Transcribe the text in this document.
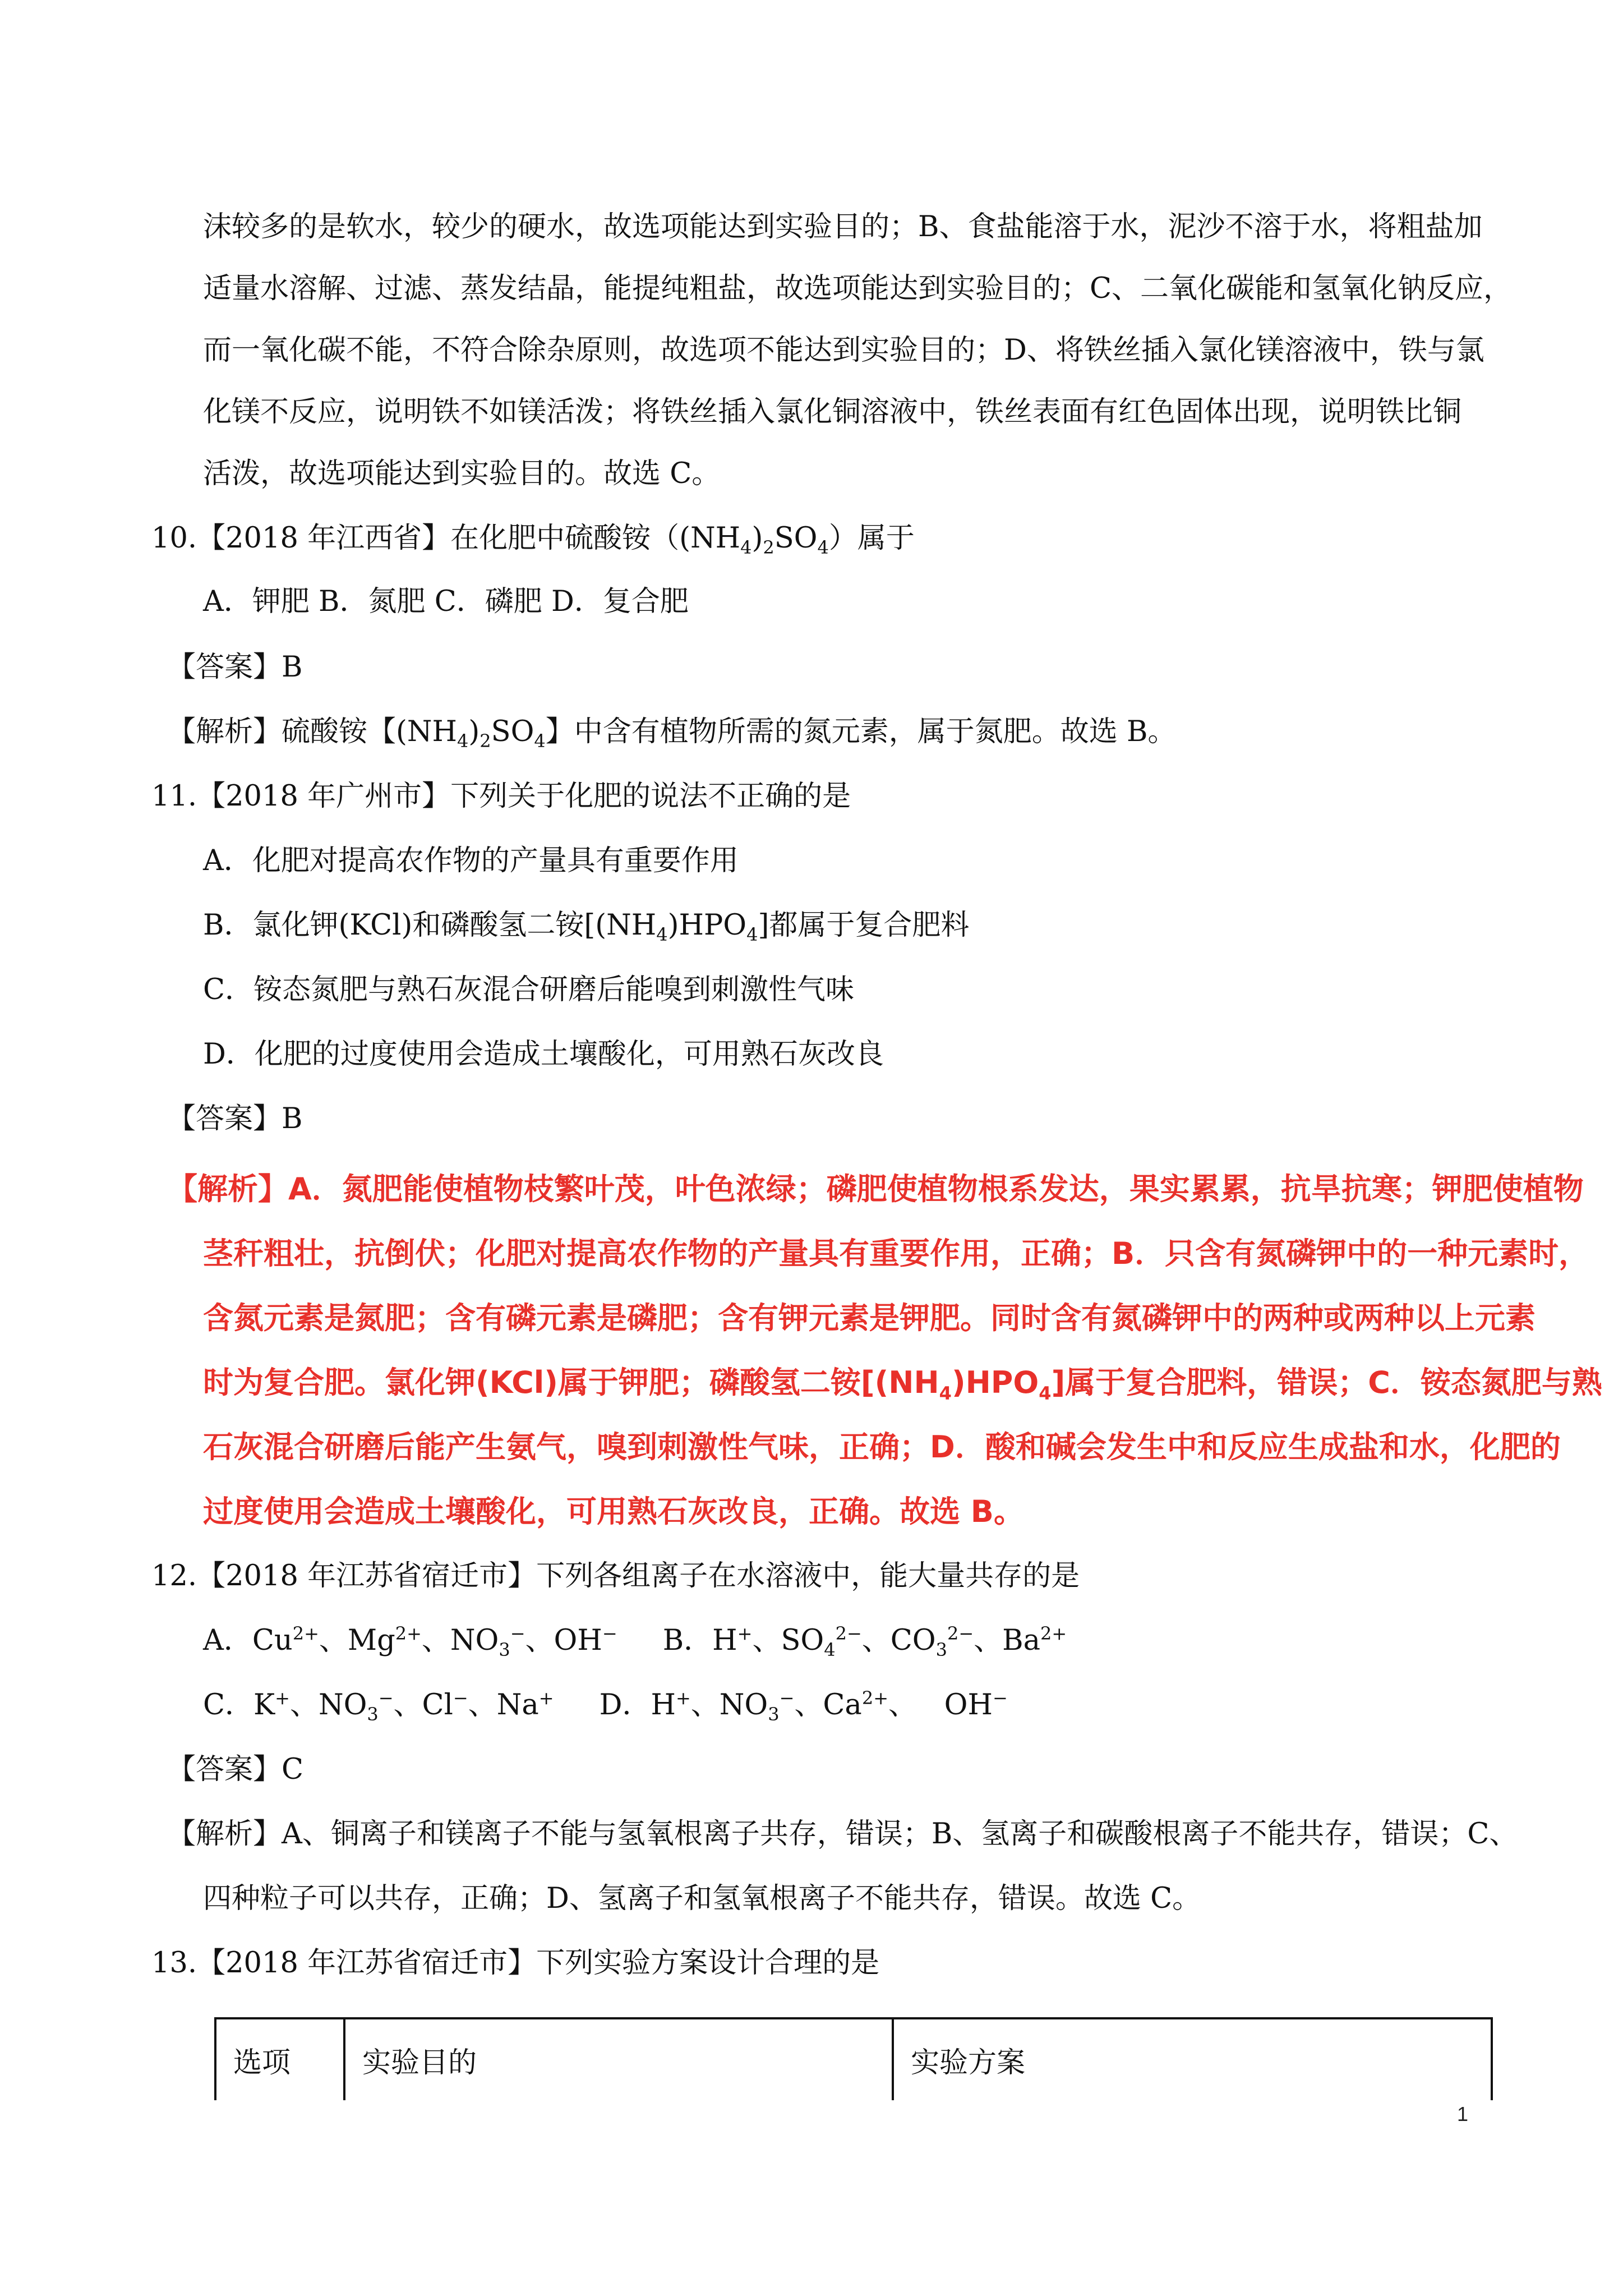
沫较多的是软水，较少的硬水，故选项能达到实验目的；B、食盐能溶于水，泥沙不溶于水，将粗盐加
适量水溶解、过滤、蒸发结晶，能提纯粗盐，故选项能达到实验目的；C、二氧化碳能和氢氧化钠反应，
而一氧化碳不能，不符合除杂原则，故选项不能达到实验目的；D、将铁丝插入氯化镁溶液中，铁与氯
化镁不反应，说明铁不如镁活泼；将铁丝插入氯化铜溶液中，铁丝表面有红色固体出现，说明铁比铜
活泼，故选项能达到实验目的。故选 C。
10.【2018 年江西省】在化肥中硫酸铵$((NH_4)_2SO_4)$属于
A．钾肥 B．氮肥 C．磷肥 D．复合肥
【答案】B
【解析】硫酸铵【$(NH_4)_2SO_4$】中含有植物所需的氮元素，属于氮肥。故选 B。
11.【2018 年广州市】下列关于化肥的说法不正确的是
A．化肥对提高农作物的产量具有重要作用
B．氯化钾(KCl)和磷酸氢二铵$[(NH_4)HPO_4]$都属于复合肥料
C．铵态氮肥与熟石灰混合研磨后能嗅到刺激性气味
D．化肥的过度使用会造成土壤酸化，可用熟石灰改良
【答案】B
【解析】A．氮肥能使植物枝繁叶茂，叶色浓绿；磷肥使植物根系发达，果实累累，抗旱抗寒；钾肥使植物
茎秆粗壮，抗倒伏；化肥对提高农作物的产量具有重要作用，正确；B．只含有氮磷钾中的一种元素时，
含氮元素是氮肥；含有磷元素是磷肥；含有钾元素是钾肥。同时含有氮磷钾中的两种或两种以上元素
时为复合肥。氯化钾(KCl)属于钾肥；磷酸氢二铵$[(NH_4)HPO_4]$属于复合肥料，错误；C．铵态氮肥与熟
石灰混合研磨后能产生氨气，嗅到刺激性气味，正确；D．酸和碱会发生中和反应生成盐和水，化肥的
过度使用会造成土壤酸化，可用熟石灰改良，正确。故选 B。
12.【2018 年江苏省宿迁市】下列各组离子在水溶液中，能大量共存的是
A．$Cu^{2+}$、$Mg^{2+}$、$NO_3^-$、OH−     B．H+、$SO_4^{2-}$、$CO_3^{2-}$、$Ba^{2+}$
C．K+、$NO_3^-$、Cl−、Na+     D．H+、$NO_3^-$、$Ca^{2+}$、   OH−
【答案】C
【解析】A、铜离子和镁离子不能与氢氧根离子共存，错误；B、氢离子和碳酸根离子不能共存，错误；C、
四种粒子可以共存，正确；D、氢离子和氢氧根离子不能共存，错误。故选 C。
13.【2018 年江苏省宿迁市】下列实验方案设计合理的是
选项	实验目的	实验方案
1
